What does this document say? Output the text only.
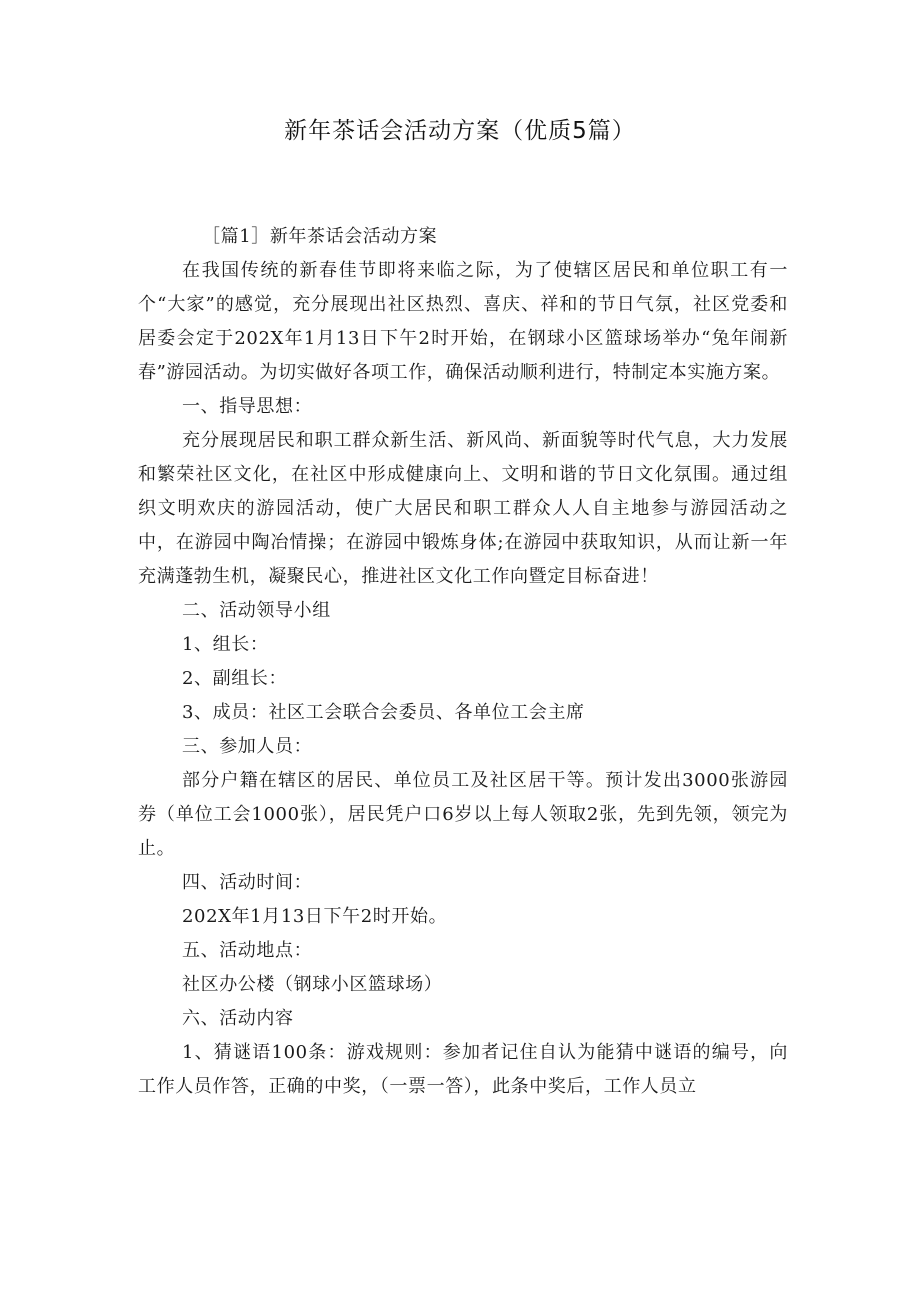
新年茶话会活动方案（优质5篇）

［篇1］新年茶话会活动方案

在我国传统的新春佳节即将来临之际，为了使辖区居民和单位职工有一个“大家”的感觉，充分展现出社区热烈、喜庆、祥和的节日气氛，社区党委和居委会定于202X年1月13日下午2时开始，在钢球小区篮球场举办“兔年闹新春”游园活动。为切实做好各项工作，确保活动顺利进行，特制定本实施方案。

一、指导思想：

充分展现居民和职工群众新生活、新风尚、新面貌等时代气息，大力发展和繁荣社区文化，在社区中形成健康向上、文明和谐的节日文化氛围。通过组织文明欢庆的游园活动，使广大居民和职工群众人人自主地参与游园活动之中，在游园中陶冶情操；在游园中锻炼身体;在游园中获取知识，从而让新一年充满蓬勃生机，凝聚民心，推进社区文化工作向暨定目标奋进！

二、活动领导小组

1、组长：

2、副组长：

3、成员：社区工会联合会委员、各单位工会主席

三、参加人员：

部分户籍在辖区的居民、单位员工及社区居干等。预计发出3000张游园券（单位工会1000张），居民凭户口6岁以上每人领取2张，先到先领，领完为止。

四、活动时间：

202X年1月13日下午2时开始。

五、活动地点：

社区办公楼（钢球小区篮球场）

六、活动内容

1、猜谜语100条：游戏规则：参加者记住自认为能猜中谜语的编号，向工作人员作答，正确的中奖，（一票一答），此条中奖后，工作人员立
